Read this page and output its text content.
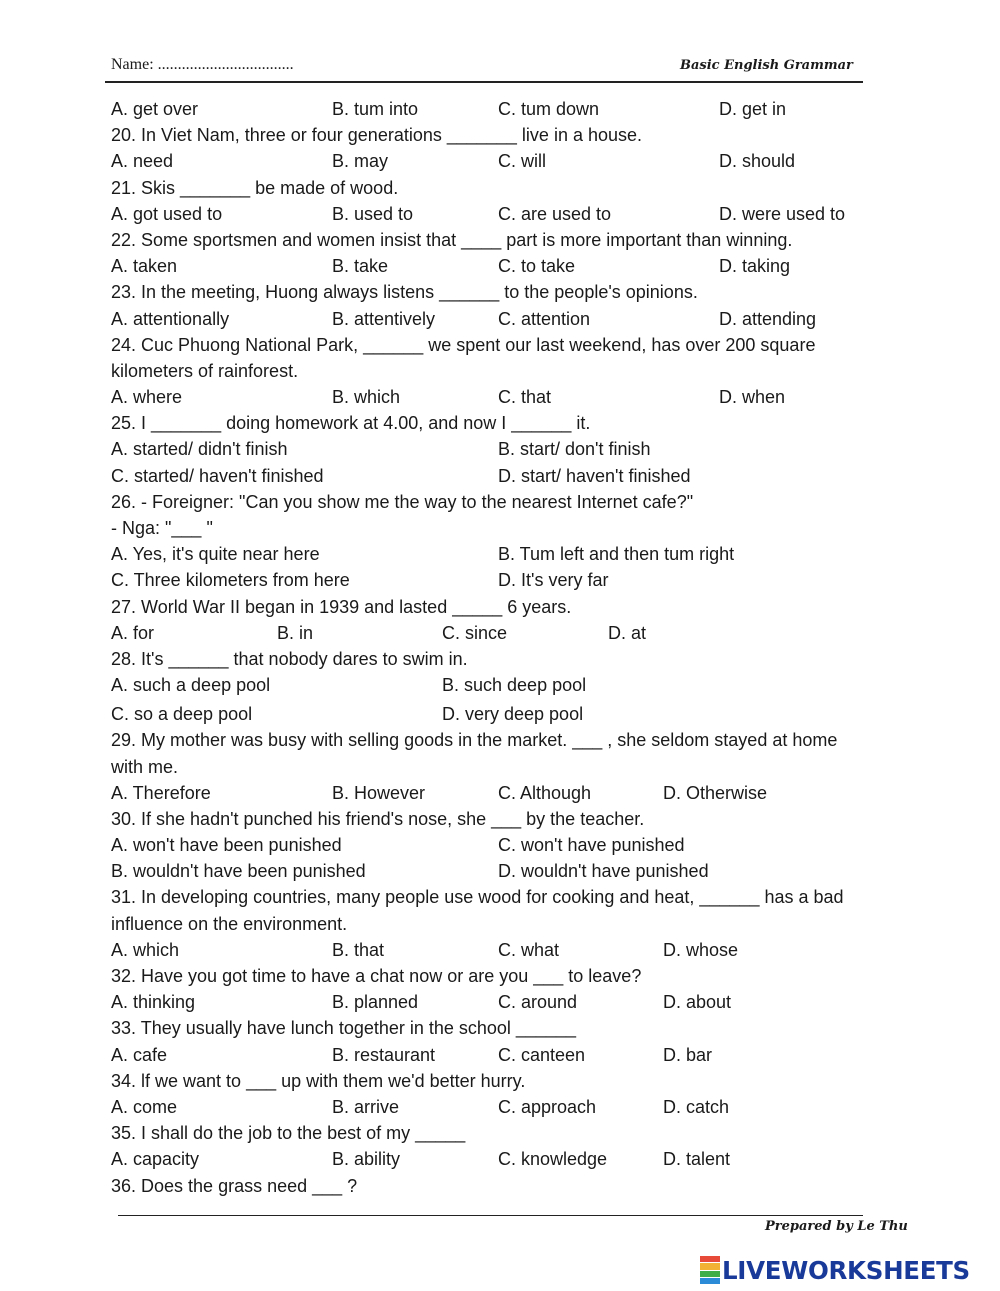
Name: ..................................	Basic English Grammar
A. get over	B. tum into	C. tum down	D. get in
20. In Viet Nam, three or four generations _______ live in a house.
A. need	B. may	C. will	D. should
21. Skis _______ be made of wood.
A. got used to	B. used to	C. are used to	D. were used to
22. Some sportsmen and women insist that ____ part is more important than winning.
A. taken	B. take	C. to take	D. taking
23. In the meeting, Huong always listens ______ to the people's opinions.
A. attentionally	B. attentively	C. attention	D. attending
24. Cuc Phuong National Park, ______ we spent our last weekend, has over 200 square
kilometers of rainforest.
A. where	B. which	C. that	D. when
25. I _______ doing homework at 4.00, and now I ______ it.
A. started/ didn't finish	B. start/ don't finish
C. started/ haven't finished	D. start/ haven't finished
26. - Foreigner: "Can you show me the way to the nearest Internet cafe?"
- Nga: "___ "
A. Yes, it's quite near here	B. Tum left and then tum right
C. Three kilometers from here	D. It's very far
27. World War II began in 1939 and lasted _____ 6 years.
A. for	B. in	C. since	D. at
28. It's ______ that nobody dares to swim in.
A. such a deep pool	B. such deep pool
C. so a deep pool	D. very deep pool
29. My mother was busy with selling goods in the market. ___ , she seldom stayed at home
with me.
A. Therefore	B. However	C. Although	D. Otherwise
30. If she hadn't punched his friend's nose, she ___ by the teacher.
A. won't have been punished	C. won't have punished
B. wouldn't have been punished	D. wouldn't have punished
31. In developing countries, many people use wood for cooking and heat, ______ has a bad
influence on the environment.
A. which	B. that	C. what	D. whose
32. Have you got time to have a chat now or are you ___ to leave?
A. thinking	B. planned	C. around	D. about
33. They usually have lunch together in the school ______
A. cafe	B. restaurant	C. canteen	D. bar
34. lf we want to ___ up with them we'd better hurry.
A. come	B. arrive	C. approach	D. catch
35. I shall do the job to the best of my _____
A. capacity	B. ability	C. knowledge	D. talent
36. Does the grass need ___ ?
Prepared by Le Thu
LIVEWORKSHEETS
